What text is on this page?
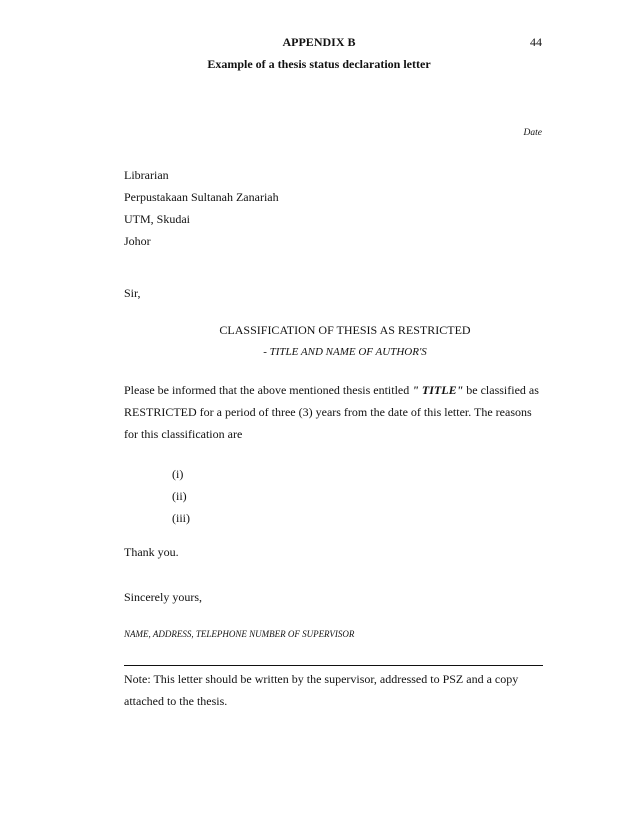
APPENDIX B	44
Example of a thesis status declaration letter
Date
Librarian
Perpustakaan Sultanah Zanariah
UTM, Skudai
Johor
Sir,
CLASSIFICATION OF THESIS AS RESTRICTED
- TITLE AND NAME OF AUTHOR'S
Please be informed that the above mentioned thesis entitled " TITLE" be classified as
RESTRICTED for a period of three (3) years from the date of this letter. The reasons
for this classification are
(i)
(ii)
(iii)
Thank you.
Sincerely yours,
NAME, ADDRESS, TELEPHONE NUMBER OF SUPERVISOR
Note: This letter should be written by the supervisor, addressed to PSZ and a copy
attached to the thesis.
